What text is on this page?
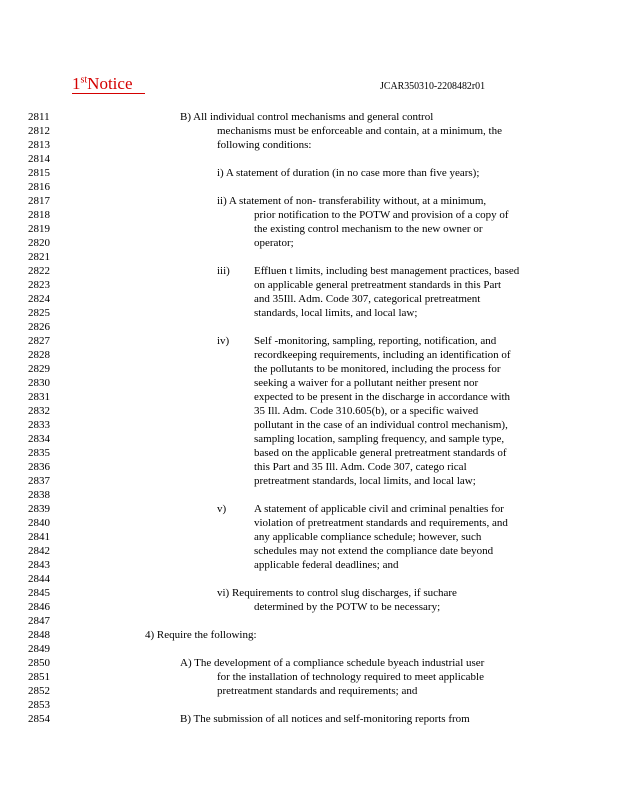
1stNotice	JCAR350310-2208482r01
2811
2812
2813
2814
2815
2816
2817
2818
2819
2820
2821
2822
2823
2824
2825
2826
2827
2828
2829
2830
2831
2832
2833
2834
2835
2836
2837
2838
2839
2840
2841
2842
2843
2844
2845
2846
2847
2848
2849
2850
2851
2852
2853
2854
B) All individual control mechanisms and general control
mechanisms must be enforceable and contain, at a minimum, the
following conditions:
i) A statement of duration (in no case more than five years);
ii) A statement of non- transferability without, at a minimum,
prior notification to the POTW and provision of a copy of
the existing control mechanism to the new owner or
operator;
iii) Effluen t limits, including best management practices, based
on applicable general pretreatment standards in this Part
and 35Ill. Adm. Code 307, categorical pretreatment
standards, local limits, and local law;
iv) Self -monitoring, sampling, reporting, notification, and
recordkeeping requirements, including an identification of
the pollutants to be monitored, including the process for
seeking a waiver for a pollutant neither present nor
expected to be present in the discharge in accordance with
35 Ill. Adm. Code 310.605(b), or a specific waived
pollutant in the case of an individual control mechanism),
sampling location, sampling frequency, and sample type,
based on the applicable general pretreatment standards of
this Part and 35 Ill. Adm. Code 307, catego rical
pretreatment standards, local limits, and local law;
v)	A statement of applicable civil and criminal penalties for
violation of pretreatment standards and requirements, and
any applicable compliance schedule; however, such
schedules may not extend the compliance date beyond
applicable federal deadlines; and
vi) Requirements to control slug discharges, if suchare
determined by the POTW to be necessary;
4) Require the following:
A) The development of a compliance schedule byeach industrial user
for the installation of technology required to meet applicable
pretreatment standards and requirements; and
B) The submission of all notices and self-monitoring reports from
